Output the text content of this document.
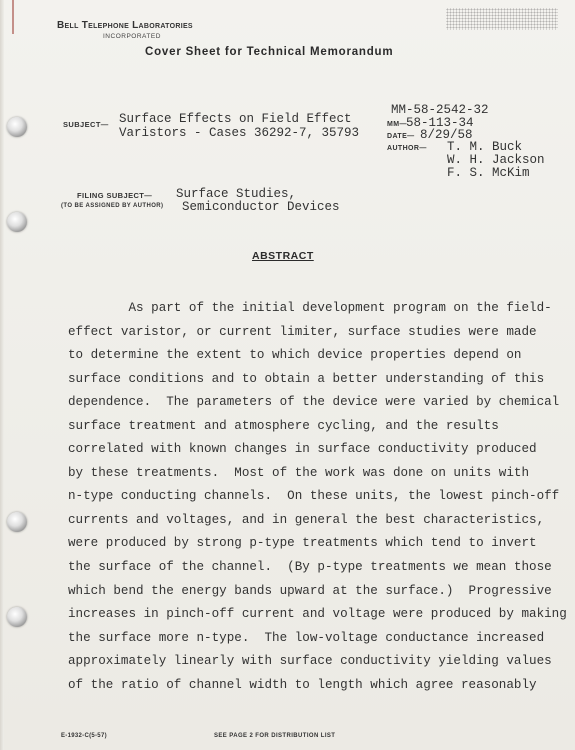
Bell Telephone Laboratories
INCORPORATED
Cover Sheet for Technical Memorandum
SUBJECT— Surface Effects on Field Effect
Varistors - Cases 36292-7, 35793
MM-58-2542-32
MM— 58-113-34
DATE— 8/29/58
AUTHOR— T. M. Buck
W. H. Jackson
F. S. McKim
FILING SUBJECT—
(TO BE ASSIGNED BY AUTHOR)
Surface Studies,
Semiconductor Devices
ABSTRACT
As part of the initial development program on the field-
effect varistor, or current limiter, surface studies were made
to determine the extent to which device properties depend on
surface conditions and to obtain a better understanding of this
dependence.  The parameters of the device were varied by chemical
surface treatment and atmosphere cycling, and the results
correlated with known changes in surface conductivity produced
by these treatments.  Most of the work was done on units with
n-type conducting channels.  On these units, the lowest pinch-off
currents and voltages, and in general the best characteristics,
were produced by strong p-type treatments which tend to invert
the surface of the channel.  (By p-type treatments we mean those
which bend the energy bands upward at the surface.)  Progressive
increases in pinch-off current and voltage were produced by making
the surface more n-type.  The low-voltage conductance increased
approximately linearly with surface conductivity yielding values
of the ratio of channel width to length which agree reasonably
E-1932-C(5-57)	SEE PAGE 2 FOR DISTRIBUTION LIST
